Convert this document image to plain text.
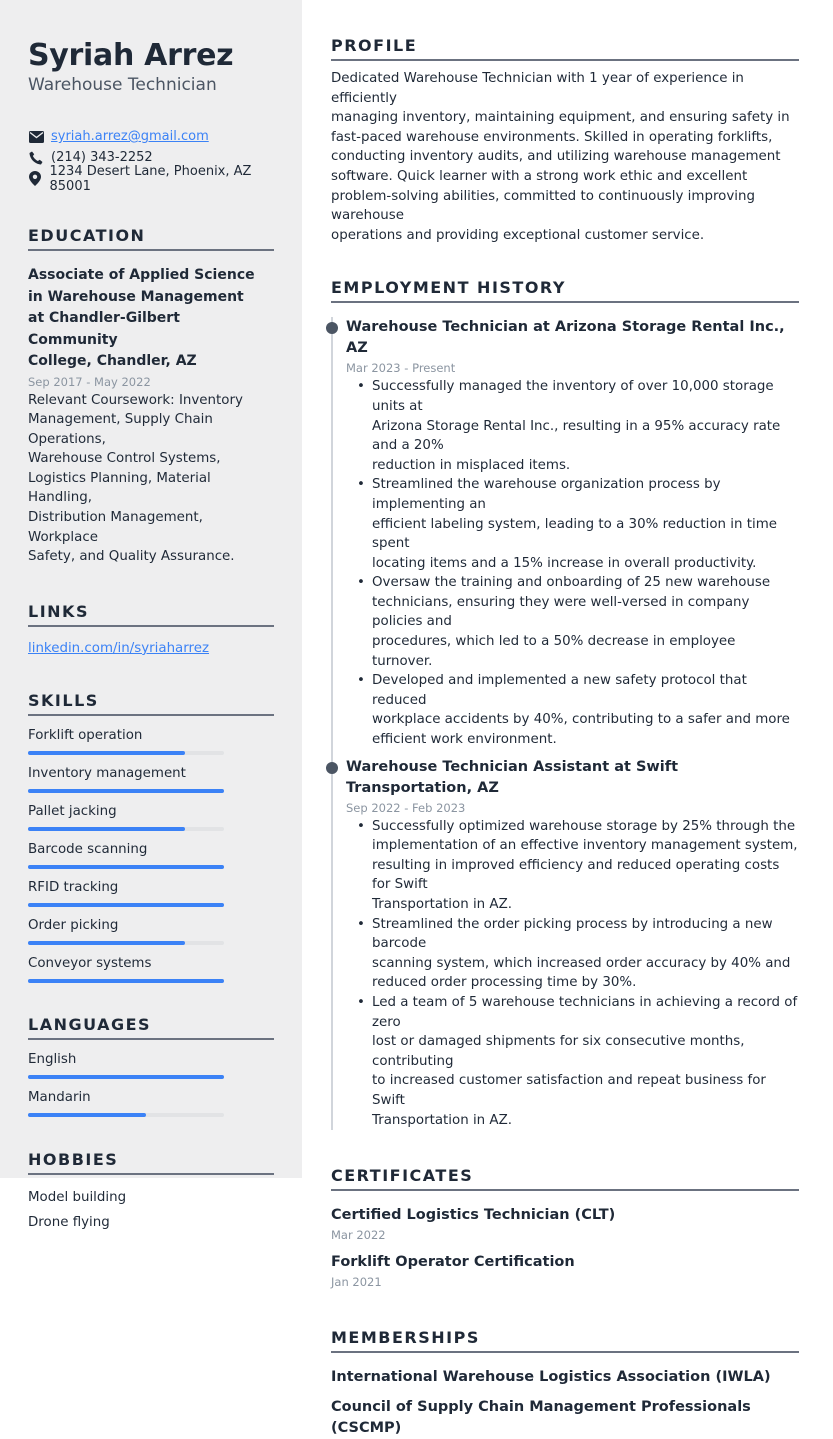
Syriah Arrez
Warehouse Technician
syriah.arrez@gmail.com
(214) 343-2252
1234 Desert Lane, Phoenix, AZ 85001
EDUCATION
Associate of Applied Science
in Warehouse Management
at Chandler-Gilbert Community
College, Chandler, AZ
Sep 2017 - May 2022
Relevant Coursework: Inventory
Management, Supply Chain Operations,
Warehouse Control Systems,
Logistics Planning, Material Handling,
Distribution Management, Workplace
Safety, and Quality Assurance.
LINKS
linkedin.com/in/syriaharrez
SKILLS
Forklift operation
Inventory management
Pallet jacking
Barcode scanning
RFID tracking
Order picking
Conveyor systems
LANGUAGES
English
Mandarin
HOBBIES
Model building
Drone flying
PROFILE
Dedicated Warehouse Technician with 1 year of experience in efficiently
managing inventory, maintaining equipment, and ensuring safety in
fast-paced warehouse environments. Skilled in operating forklifts,
conducting inventory audits, and utilizing warehouse management
software. Quick learner with a strong work ethic and excellent
problem-solving abilities, committed to continuously improving warehouse
operations and providing exceptional customer service.
EMPLOYMENT HISTORY
Warehouse Technician at Arizona Storage Rental Inc., AZ
Mar 2023 - Present
• Successfully managed the inventory of over 10,000 storage units at
Arizona Storage Rental Inc., resulting in a 95% accuracy rate and a 20%
reduction in misplaced items.
• Streamlined the warehouse organization process by implementing an
efficient labeling system, leading to a 30% reduction in time spent
locating items and a 15% increase in overall productivity.
• Oversaw the training and onboarding of 25 new warehouse
technicians, ensuring they were well-versed in company policies and
procedures, which led to a 50% decrease in employee turnover.
• Developed and implemented a new safety protocol that reduced
workplace accidents by 40%, contributing to a safer and more
efficient work environment.
Warehouse Technician Assistant at Swift Transportation, AZ
Sep 2022 - Feb 2023
• Successfully optimized warehouse storage by 25% through the
implementation of an effective inventory management system,
resulting in improved efficiency and reduced operating costs for Swift
Transportation in AZ.
• Streamlined the order picking process by introducing a new barcode
scanning system, which increased order accuracy by 40% and
reduced order processing time by 30%.
• Led a team of 5 warehouse technicians in achieving a record of zero
lost or damaged shipments for six consecutive months, contributing
to increased customer satisfaction and repeat business for Swift
Transportation in AZ.
CERTIFICATES
Certified Logistics Technician (CLT)
Mar 2022
Forklift Operator Certification
Jan 2021
MEMBERSHIPS
International Warehouse Logistics Association (IWLA)
Council of Supply Chain Management Professionals (CSCMP)
